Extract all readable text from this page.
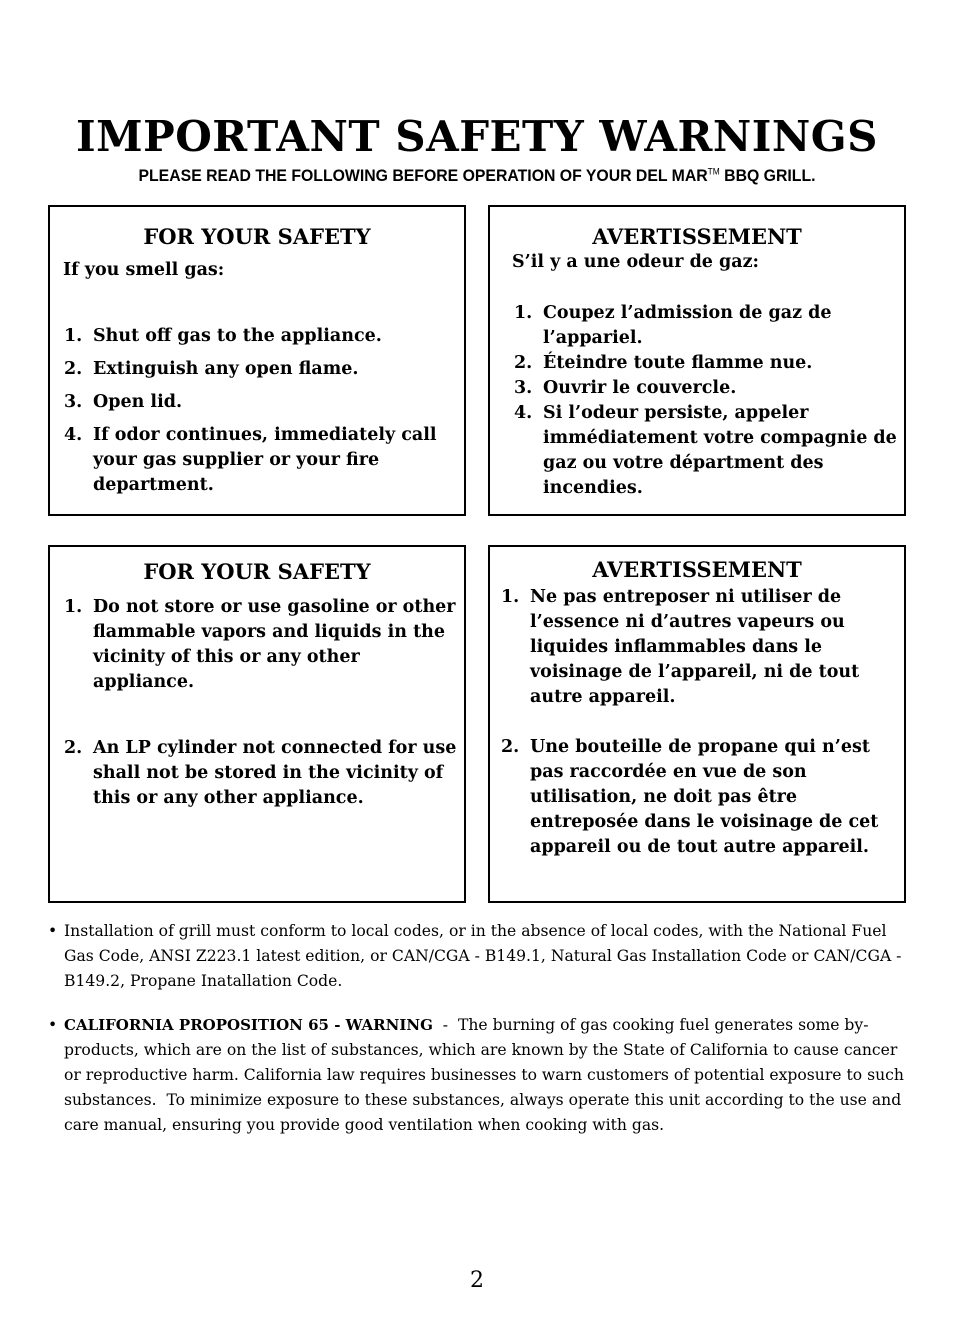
IMPORTANT SAFETY WARNINGS
PLEASE READ THE FOLLOWING BEFORE OPERATION OF YOUR DEL MAR™ BBQ GRILL.
FOR YOUR SAFETY
If you smell gas:
1. Shut off gas to the appliance.
2. Extinguish any open flame.
3. Open lid.
4. If odor continues, immediately call your gas supplier or your fire department.
AVERTISSEMENT
S’il y a une odeur de gaz:
1. Coupez l’admission de gaz de l’appariel.
2. Éteindre toute flamme nue.
3. Ouvrir le couvercle.
4. Si l’odeur persiste, appeler immédiatement votre compagnie de gaz ou votre départment des incendies.
FOR YOUR SAFETY
1. Do not store or use gasoline or other flammable vapors and liquids in the vicinity of this or any other appliance.
2. An LP cylinder not connected for use shall not be stored in the vicinity of this or any other appliance.
AVERTISSEMENT
1. Ne pas entreposer ni utiliser de l’essence ni d’autres vapeurs ou liquides inflammables dans le voisinage de l’appareil, ni de tout autre appareil.
2. Une bouteille de propane qui n’est pas raccordée en vue de son utilisation, ne doit pas être entreposée dans le voisinage de cet appareil ou de tout autre appareil.
• Installation of grill must conform to local codes, or in the absence of local codes, with the National Fuel Gas Code, ANSI Z223.1 latest edition, or CAN/CGA - B149.1, Natural Gas Installation Code or CAN/CGA - B149.2, Propane Inatallation Code.
• CALIFORNIA PROPOSITION 65 - WARNING  -  The burning of gas cooking fuel generates some by-products, which are on the list of substances, which are known by the State of California to cause cancer or reproductive harm. California law requires businesses to warn customers of potential exposure to such substances.  To minimize exposure to these substances, always operate this unit according to the use and care manual, ensuring you provide good ventilation when cooking with gas.
2
